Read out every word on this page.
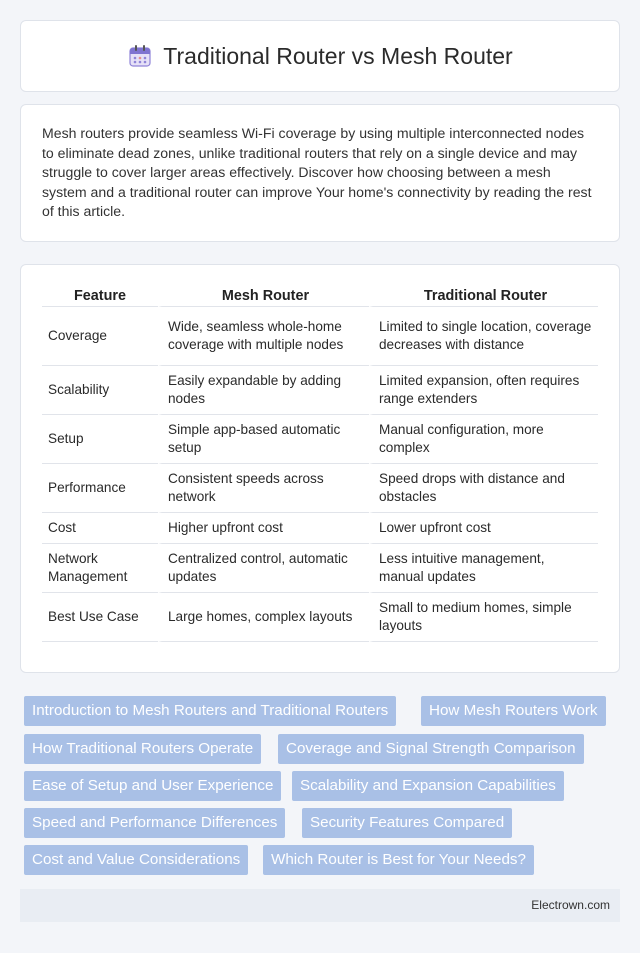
Traditional Router vs Mesh Router

Mesh routers provide seamless Wi-Fi coverage by using multiple interconnected nodes to eliminate dead zones, unlike traditional routers that rely on a single device and may struggle to cover larger areas effectively. Discover how choosing between a mesh system and a traditional router can improve Your home's connectivity by reading the rest of this article.

Feature	Mesh Router	Traditional Router
Coverage	Wide, seamless whole-home coverage with multiple nodes	Limited to single location, coverage decreases with distance
Scalability	Easily expandable by adding nodes	Limited expansion, often requires range extenders
Setup	Simple app-based automatic setup	Manual configuration, more complex
Performance	Consistent speeds across network	Speed drops with distance and obstacles
Cost	Higher upfront cost	Lower upfront cost
Network Management	Centralized control, automatic updates	Less intuitive management, manual updates
Best Use Case	Large homes, complex layouts	Small to medium homes, simple layouts
Introduction to Mesh Routers and Traditional Routers	How Mesh Routers Work
How Traditional Routers Operate	Coverage and Signal Strength Comparison
Ease of Setup and User Experience	Scalability and Expansion Capabilities
Speed and Performance Differences	Security Features Compared
Cost and Value Considerations	Which Router is Best for Your Needs?
Electrown.com
